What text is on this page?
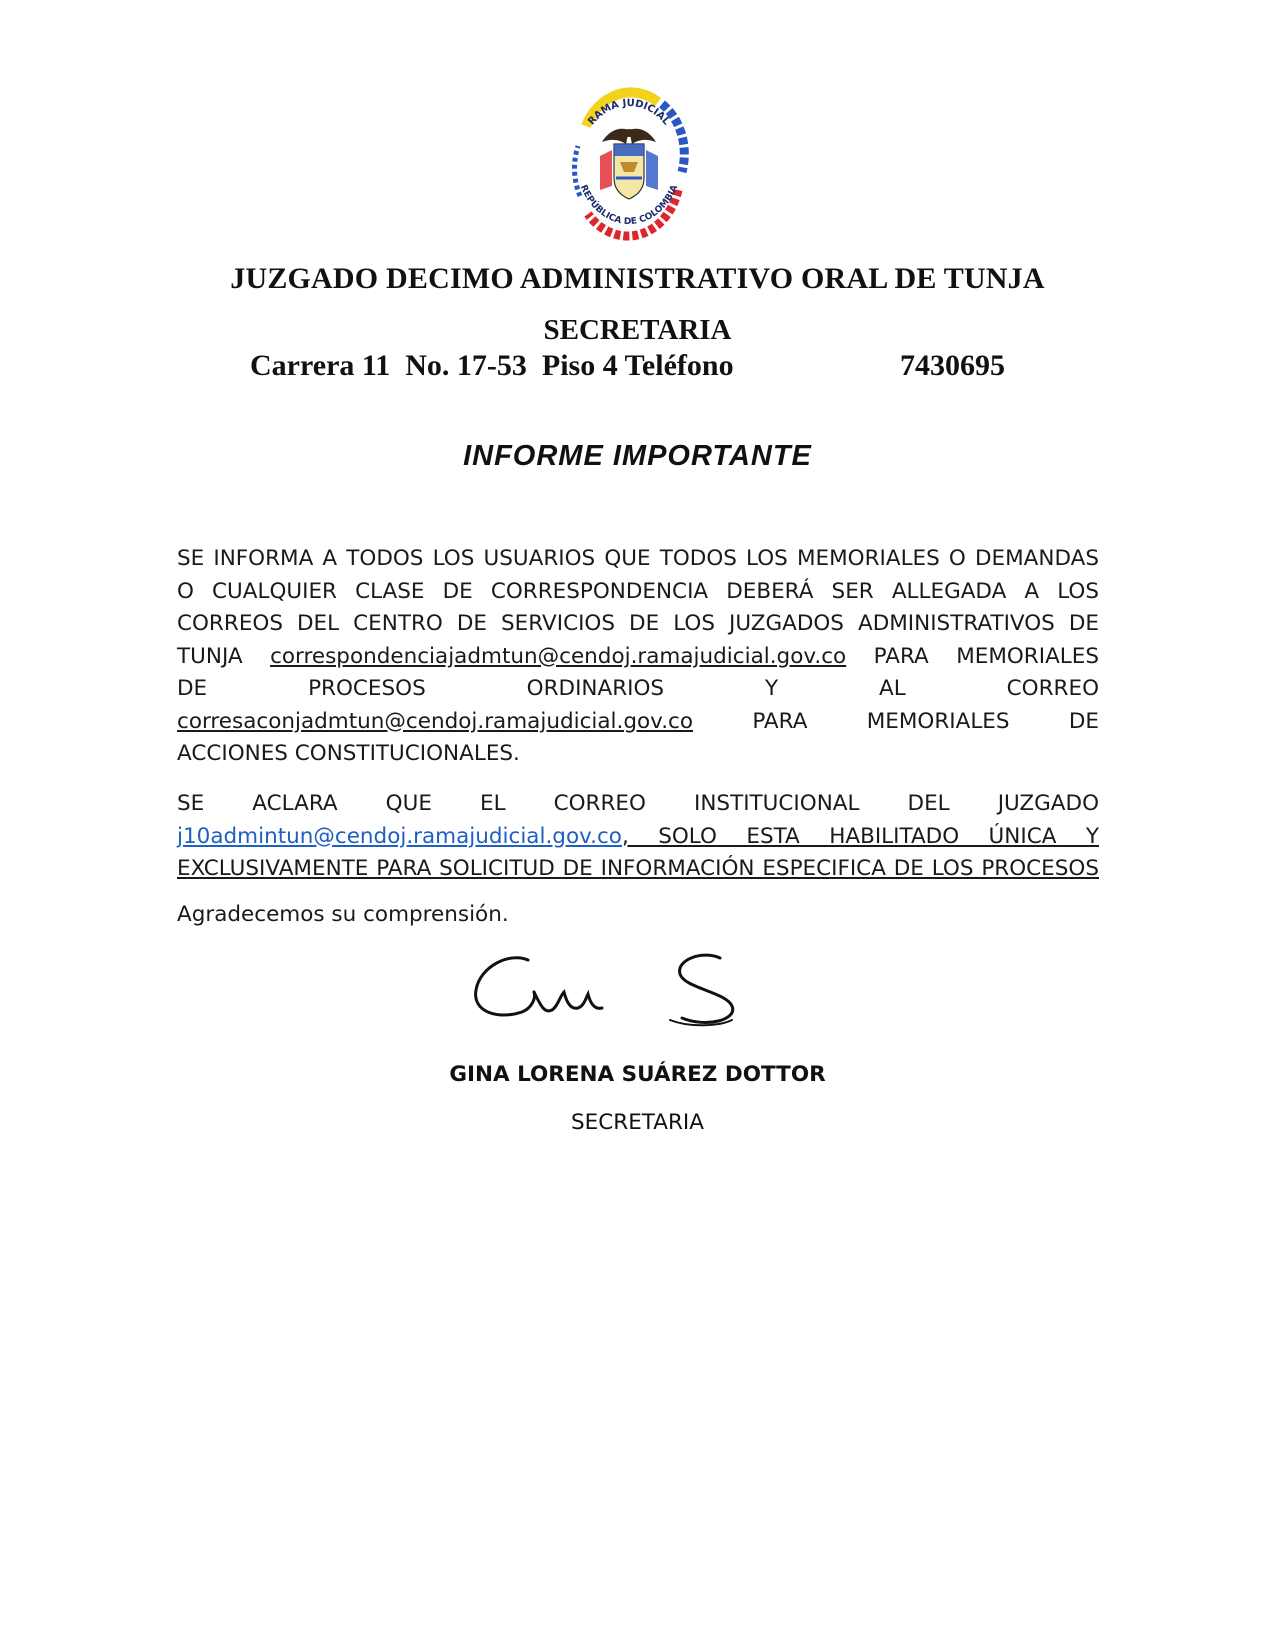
RAMA JUDICIAL
REPÚBLICA DE COLOMBIA
JUZGADO DECIMO ADMINISTRATIVO ORAL DE TUNJA
SECRETARIA
Carrera 11  No. 17-53  Piso 4 Teléfono	7430695
INFORME IMPORTANTE
SE INFORMA A TODOS LOS USUARIOS QUE TODOS LOS MEMORIALES O DEMANDAS
O CUALQUIER CLASE DE CORRESPONDENCIA DEBERÁ SER ALLEGADA A LOS
CORREOS DEL CENTRO DE SERVICIOS DE LOS JUZGADOS ADMINISTRATIVOS DE
TUNJA correspondenciajadmtun@cendoj.ramajudicial.gov.co PARA MEMORIALES
DE PROCESOS ORDINARIOS Y AL CORREO
corresaconjadmtun@cendoj.ramajudicial.gov.co	PARA MEMORIALES DE
ACCIONES CONSTITUCIONALES.
SE ACLARA QUE EL CORREO INSTITUCIONAL DEL JUZGADO
j10admintun@cendoj.ramajudicial.gov.co, SOLO ESTA HABILITADO ÚNICA Y
EXCLUSIVAMENTE PARA SOLICITUD DE INFORMACIÓN ESPECIFICA DE LOS PROCESOS
Agradecemos su comprensión.
GINA LORENA SUÁREZ DOTTOR
SECRETARIA
